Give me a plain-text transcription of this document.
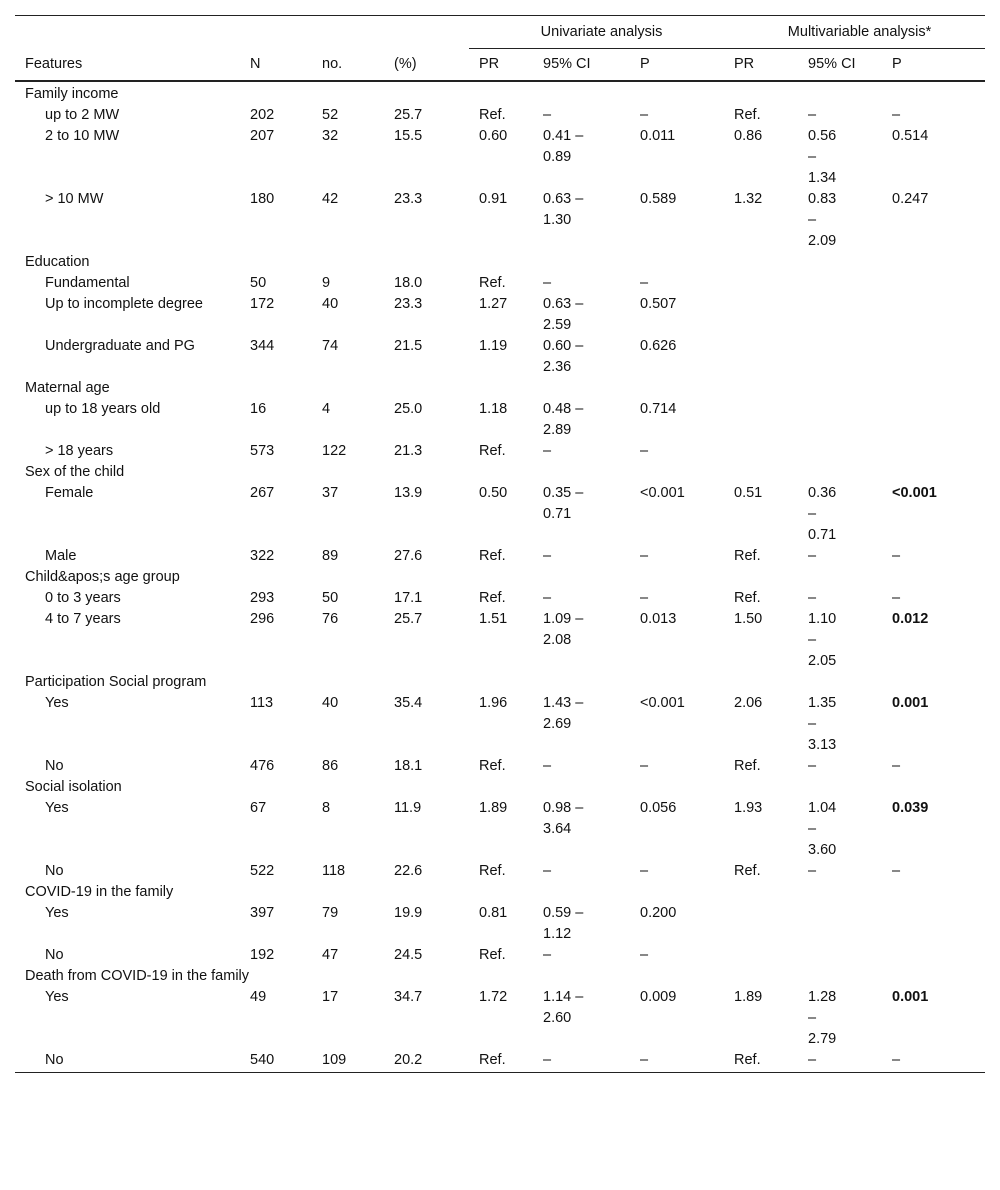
				Univariate analysis			Multivariable analysis*		
Features	N	no.	(%)	PR	95% CI	P	PR	95% CI	P
Family income									
up to 2 MW	202	52	25.7	Ref.	–	–	Ref.	–	–
2 to 10 MW	207	32	15.5	0.60	0.41 – 0.89	0.011	0.86	0.56 – 1.34	0.514
> 10 MW	180	42	23.3	0.91	0.63 – 1.30	0.589	1.32	0.83 – 2.09	0.247
Education									
Fundamental	50	9	18.0	Ref.	–	–			
Up to incomplete degree	172	40	23.3	1.27	0.63 – 2.59	0.507			
Undergraduate and PG	344	74	21.5	1.19	0.60 – 2.36	0.626			
Maternal age									
up to 18 years old	16	4	25.0	1.18	0.48 – 2.89	0.714			
> 18 years	573	122	21.3	Ref.	–	–			
Sex of the child									
Female	267	37	13.9	0.50	0.35 – 0.71	<0.001	0.51	0.36 – 0.71	<0.001
Male	322	89	27.6	Ref.	–	–	Ref.	–	–
Child&apos;s age group									
0 to 3 years	293	50	17.1	Ref.	–	–	Ref.	–	–
4 to 7 years	296	76	25.7	1.51	1.09 – 2.08	0.013	1.50	1.10 – 2.05	0.012
Participation Social program									
Yes	113	40	35.4	1.96	1.43 – 2.69	<0.001	2.06	1.35 – 3.13	0.001
No	476	86	18.1	Ref.	–	–	Ref.	–	–
Social isolation									
Yes	67	8	11.9	1.89	0.98 – 3.64	0.056	1.93	1.04 – 3.60	0.039
No	522	118	22.6	Ref.	–	–	Ref.	–	–
COVID-19 in the family									
Yes	397	79	19.9	0.81	0.59 – 1.12	0.200			
No	192	47	24.5	Ref.	–	–			
Death from COVID-19 in the family									
Yes	49	17	34.7	1.72	1.14 – 2.60	0.009	1.89	1.28 – 2.79	0.001
No	540	109	20.2	Ref.	–	–	Ref.	–	–
